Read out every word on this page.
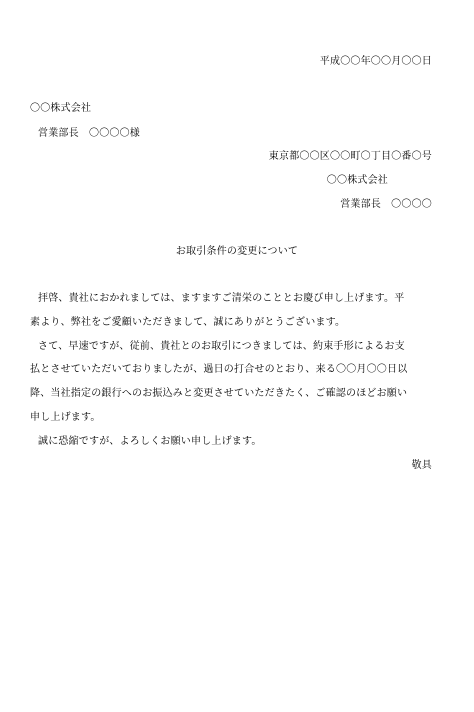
平成〇〇年〇〇月〇〇日
〇〇株式会社
営業部長　〇〇〇〇様
東京都〇〇区〇〇町〇丁目〇番〇号
〇〇株式会社
営業部長　〇〇〇〇
お取引条件の変更について
拝啓、貴社におかれましては、ますますご清栄のこととお慶び申し上げます。平
素より、弊社をご愛顧いただきまして、誠にありがとうございます。
さて、早速ですが、従前、貴社とのお取引につきましては、約束手形によるお支
払とさせていただいておりましたが、過日の打合せのとおり、来る〇〇月〇〇日以
降、当社指定の銀行へのお振込みと変更させていただきたく、ご確認のほどお願い
申し上げます。
誠に恐縮ですが、よろしくお願い申し上げます。
敬具
